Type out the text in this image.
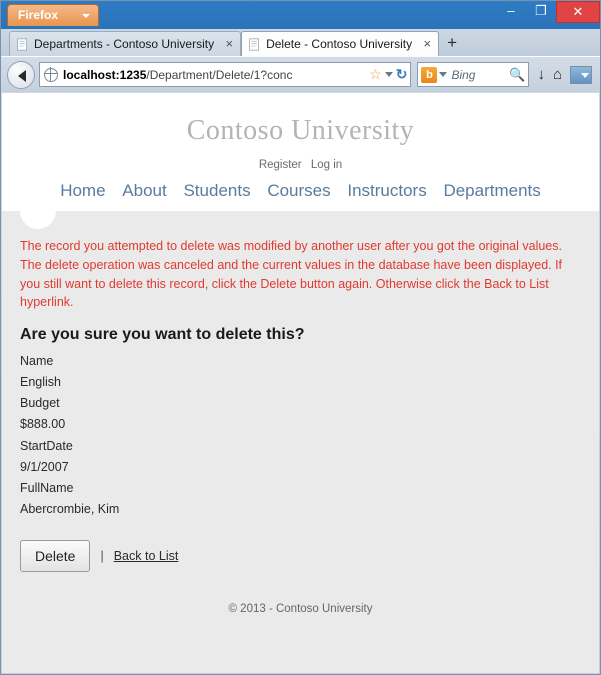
Firefox	–	❐	✕
Departments - Contoso University ×	Delete - Contoso University × +
localhost:1235 /Department/Delete/1?conc	☆ ↻	b	Bing	🔍 ↓ ⌂
Contoso University
Register Log in
Home About Students Courses Instructors Departments

The record you attempted to delete was modified by another user after you got the original values. The delete operation was canceled and the current values in the database have been displayed. If you still want to delete this record, click the Delete button again. Otherwise click the Back to List hyperlink.

Are you sure you want to delete this?
Name
English
Budget
$888.00
StartDate
9/1/2007
FullName
Abercrombie, Kim
Delete	| Back to List
© 2013 - Contoso University
